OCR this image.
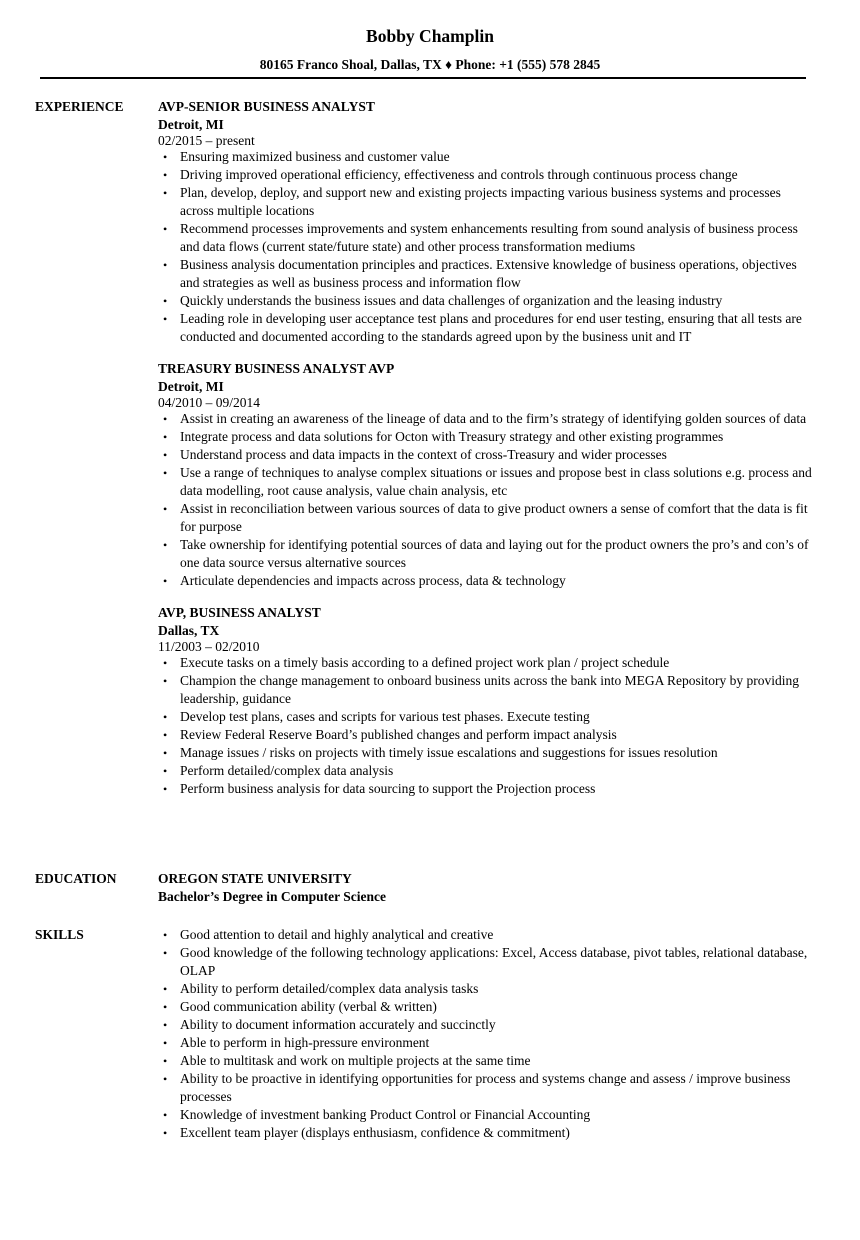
Bobby Champlin
80165 Franco Shoal, Dallas, TX ♦ Phone: +1 (555) 578 2845
EXPERIENCE	AVP-SENIOR BUSINESS ANALYST
Detroit, MI
02/2015 – present
• Ensuring maximized business and customer value
• Driving improved operational efficiency, effectiveness and controls through continuous process change
• Plan, develop, deploy, and support new and existing projects impacting various business systems and processes across multiple locations
• Recommend processes improvements and system enhancements resulting from sound analysis of business process and data flows (current state/future state) and other process transformation mediums
• Business analysis documentation principles and practices. Extensive knowledge of business operations, objectives and strategies as well as business process and information flow
• Quickly understands the business issues and data challenges of organization and the leasing industry
• Leading role in developing user acceptance test plans and procedures for end user testing, ensuring that all tests are conducted and documented according to the standards agreed upon by the business unit and IT
TREASURY BUSINESS ANALYST AVP
Detroit, MI
04/2010 – 09/2014
• Assist in creating an awareness of the lineage of data and to the firm’s strategy of identifying golden sources of data
• Integrate process and data solutions for Octon with Treasury strategy and other existing programmes
• Understand process and data impacts in the context of cross-Treasury and wider processes
• Use a range of techniques to analyse complex situations or issues and propose best in class solutions e.g. process and data modelling, root cause analysis, value chain analysis, etc
• Assist in reconciliation between various sources of data to give product owners a sense of comfort that the data is fit for purpose
• Take ownership for identifying potential sources of data and laying out for the product owners the pro’s and con’s of one data source versus alternative sources
• Articulate dependencies and impacts across process, data & technology
AVP, BUSINESS ANALYST
Dallas, TX
11/2003 – 02/2010
• Execute tasks on a timely basis according to a defined project work plan / project schedule
• Champion the change management to onboard business units across the bank into MEGA Repository by providing leadership, guidance
• Develop test plans, cases and scripts for various test phases. Execute testing
• Review Federal Reserve Board’s published changes and perform impact analysis
• Manage issues / risks on projects with timely issue escalations and suggestions for issues resolution
• Perform detailed/complex data analysis
• Perform business analysis for data sourcing to support the Projection process
EDUCATION	OREGON STATE UNIVERSITY
Bachelor’s Degree in Computer Science
SKILLS	• Good attention to detail and highly analytical and creative
• Good knowledge of the following technology applications: Excel, Access database, pivot tables, relational database, OLAP
• Ability to perform detailed/complex data analysis tasks
• Good communication ability (verbal & written)
• Ability to document information accurately and succinctly
• Able to perform in high-pressure environment
• Able to multitask and work on multiple projects at the same time
• Ability to be proactive in identifying opportunities for process and systems change and assess / improve business processes
• Knowledge of investment banking Product Control or Financial Accounting
• Excellent team player (displays enthusiasm, confidence & commitment)
